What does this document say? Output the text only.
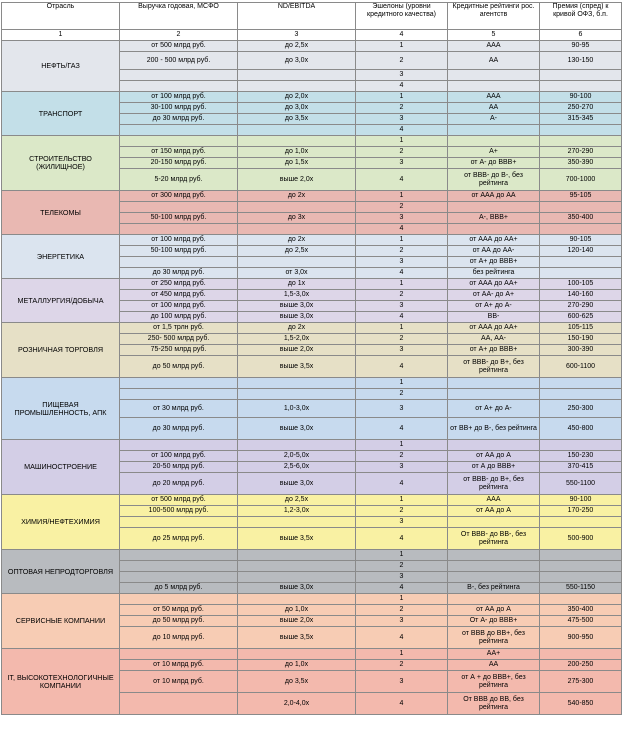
Отрасль	Выручка годовая, МСФО	ND/EBITDA	Эшелоны (уровни кредитного качества)	Кредитные рейтинги рос. агентств	Премия (спред) к кривой ОФЗ, б.п.
1	2	3	4	5	6
НЕФТЬ/ГАЗ	от 500 млрд руб.	до 2,5х	1	ААА	90-95
	200 - 500 млрд руб.	до 3,0х	2	АА	130-150
			3		
			4		
ТРАНСПОРТ	от 100 млрд руб.	до 2,0х	1	ААА	90-100
	30-100 млрд руб.	до 3,0х	2	АА	250-270
	до 30 млрд руб.	до 3,5х	3	А-	315-345
			4		
СТРОИТЕЛЬСТВО (ЖИЛИЩНОЕ)			1		
	от 150 млрд руб.	до 1,0х	2	А+	270-290
	20-150 млрд руб.	до 1,5х	3	от А- до ВВВ+	350-390
	5-20 млрд руб.	выше 2,0х	4	от ВВВ- до В-, без рейтинга	700-1000
ТЕЛЕКОМЫ	от 300 млрд руб.	до 2х	1	от ААА до АА	95-105
			2		
	50-100 млрд руб.	до 3х	3	А-, ВВВ+	350-400
			4		
ЭНЕРГЕТИКА	от 100 млрд руб.	до 2х	1	от ААА до АА+	90-105
	50-100 млрд руб.	до 2,5х	2	от АА до АА-	120-140
			3	от А+ до ВВВ+	
	до 30 млрд руб.	от 3,0х	4	без рейтинга	
МЕТАЛЛУРГИЯ/ДОБЫЧА	от 250 млрд руб.	до 1х	1	от ААА до АА+	100-105
	от 450 млрд руб.	1,5-3,0х	2	от АА- до А+	140-160
	от 100 млрд руб.	выше 3,0х	3	от А+ до А-	270-290
	до 100 млрд руб.	выше 3,0х	4	ВВ-	600-625
РОЗНИЧНАЯ ТОРГОВЛЯ	от 1,5 трлн руб.	до 2х	1	от ААА до АА+	105-115
	250- 500 млрд руб.	1,5-2,0х	2	АА, АА-	150-190
	75-250 млрд руб.	выше 2,0х	3	от А+ до ВВВ+	300-390
	до 50 млрд руб.	выше 3,5х	4	от ВВВ- до В+, без рейтинга	600-1100
ПИЩЕВАЯ ПРОМЫШЛЕННОСТЬ, АПК			1		
			2		
	от 30 млрд руб.	1,0-3,0х	3	от А+ до А-	250-300
	до 30 млрд руб.	выше 3,0х	4	от ВВ+ до В-, без рейтинга	450-800
МАШИНОСТРОЕНИЕ			1		
	от 100 млрд руб.	2,0-5,0х	2	от АА до А	150-230
	20-50 млрд руб.	2,5-6,0х	3	от А до ВВВ+	370-415
	до 20 млрд руб.	выше 3,0х	4	от ВВВ- до В+, без рейтинга	550-1100
ХИМИЯ/НЕФТЕХИМИЯ	от 500 млрд руб.	до 2,5х	1	ААА	90-100
	100-500 млрд руб.	1,2-3,0х	2	от АА до А	170-250
			3		
	до 25 млрд руб.	выше 3,5х	4	От ВВВ- до ВВ-, без рейтинга	500-900
ОПТОВАЯ НЕПРОДТОРГОВЛЯ			1		
			2		
			3		
	до 5 млрд руб.	выше 3,0х	4	В-, без рейтинга	550-1150
СЕРВИСНЫЕ КОМПАНИИ			1		
	от 50 млрд руб.	до 1,0х	2	от АА до А	350-400
	до 50 млрд руб.	выше 2,0х	3	От А- до ВВВ+	475-500
	до 10 млрд руб.	выше 3,5х	4	от ВВВ до ВВ+, без рейтинга	900-950
IT, ВЫСОКОТЕХНОЛОГИЧНЫЕ КОМПАНИИ			1	АА+	
	от 10 млрд руб.	до 1,0х	2	АА	200-250
	от 10 млрд руб.	до 3,5х	3	от А + до ВВВ+, без рейтинга	275-300
		2,0-4,0х	4	От ВВВ до ВВ, без рейтинга	540-850
